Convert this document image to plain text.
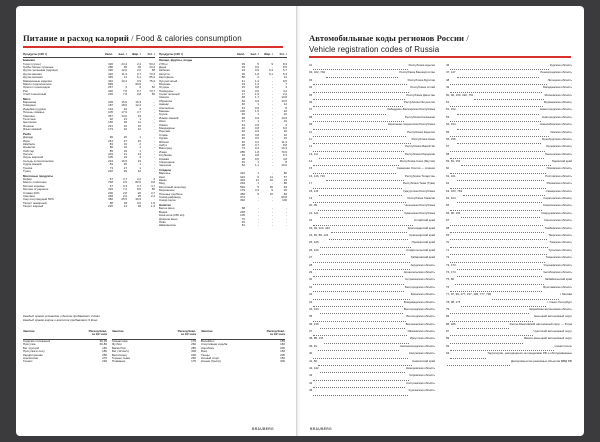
Питание и расход калорий / Food & calories consumption
Продукты (100 г)	Калл.	Бел. г	Жир. г	Угл. г
Бакалея
Горох (сухое)	326	23,4	2,4	53,2
Грибы белые сушеные	286	30	36	23,4
Крупа гречневая (ядрица)	330	12,6	2,6	68
Крупа манная	326	11,3	0,7	73,3
Крупа овсяная	345	11	6,1	65,4
Макаронные изделия	332	10,4	0,9	75,2
Масло подсолнечное	899	-	99,9	-
Орехи с шоколадом	267	4	6	52
Рис	330	7,6	0,7	73,7
Хлеб пшеничный	226	7,6	0,8	50
Мясо
Баранина	209	15,6	16,3	-
Говядина	187	18,9	12,4	-
Индейка (грудка)	134	22	3	-
Печень говяжья	105	17,9	3,7	-
Свинина	357	14,6	33	-
Телятина	92	21	1	-
Цыпленок	156	18	11	-
Ягненок	231	16	15	-
Язык говяжий	173	16	12	-
Рыба
Дорадо	90	20	1	-
Икра	261	27	15	-
Камбала	83	16	2	-
Креветки	86	16	1	-
Лобстер	89	19	1	-
Лосось	203	21	13	-
Окунь морской	105	19	3	-
Сельдь атлантическая	234	16,5	19	-
Судак свежий	84	20	1	-
Треска	73	17	1	-
Тунец	226	29	12	-
Молочные продукты
Кефир	67	3,7	3,2	4
Масло сливочное	748	0,5	82,5	0,8
Молоко коровье	67	3,3	3,7	4,7
Молоко сгущенное	315	7,2	8,5	56
Сливки 20%	206	2,8	20	3,7
Сметана	248	2,6	25	2,4
Сыр полутвердый 50%	382	25,5	30,9	-
Творог нежирный	88	18	0,6	1,5
Творог жирный	226	14	18	1,3
Продукты (100 г)	Калл.	Бел. г	Жир. г	Угл. г
Овощи, фрукты, ягоды
2,56 кг	39	5	9	8,3
Дыня	33	0,6	-	8,5
Кабачки	24	0,6	0,3	5,7
Капуста	30	1,8	0,1	5,4
Картофель	80	2	-	21
Лук репчатый	41	1,4	-	9,5
Морковь	33	1,3	-	7
Огурцы	15	0,8	-	3
Помидоры	19	0,6	-	4,2
Салат зеленый	17	1,5	-	2,2
Свекла	48	1,7	-	10,8
Абрикосы	52	0,9	-	10,5
Ананас	46	1	-	12
Апельсины	43	0,9	-	8
Бананы	100	1,5	-	22
Груша	46	1	-	10
Инжир свежий	68	0,9	-	13,9
Киви	47	1	-	10
Лимон	43	0,9	-	3
Мандарины	40	0,8	-	8,6
Персики	46	0,9	-	10
Слива	45	0,8	-	10
Хурма	62	0,5	-	15
Яблоки	46	0,4	-	11,3
Арбуз	38	0,7	-	8,8
Виноград	73	0,4	-	16,3
Изюм	285	1,8	-	70,9
Клубника	34	0,8	-	6,3
Клюква	28	0,5	-	4,8
Смородина	40	1	-	8
Черешня	52	1,1	-	10,6
Сладкое
Варенье	322	1	-	80
Кекс	324	6	11	57
Какао	403	21	22	23
Мед	294	1	-	80
Молочный шоколад	546	5	30	63
Мороженое	179	3,3	9	20
Печенье сдобное	456	9	10	82
Сахар-рафинад	374	-	-	99,8
Сахар песок	392	-	-	100
Напитки
Белое вино	68	-	-	-
Водка	248	-	-	-
Кока-кола (250 мл)	105	-	-	-
Красное вино	70	-	-	-
Пиво	45	-	-	-
Шампанское	81	-	-	-
Каждый грамм углеводов и белков прибавляет 4 Ккал.
Каждый грамм жиров и алкоголя прибавляет 9 Ккал.
Занятие	Расход Ккал. за 1/2 часа
Сидячие положения	30-35
Прогулка	60-80
Бег трусцой	160
Прогулка в лесу	180
Кардиотренинг	250
Альпинизм	270
Теннис	230
Занятие	Расход Ккал. за 1/2 часа
Гимнастика	175
Футбол	260
Баскетбол	280
Бег (10 км/ч)	300
Велосипед	200
Горные лыжи	260
Плавание	175
Занятие	Расход Ккал. за 1/2 часа
Волейбол	155
Спортивная ходьба	160
Аэробика	200
Бокс	150
Танцы	200
Конный спорт	150
Коньки (быстр)	300
BRAUBERG
Автомобильные коды регионов России /
Vehicle registration codes of Russia
01	Республика Адыгея
02, 102, 702	Республика Башкортостан
03	Республика Бурятия
04	Республика Алтай
05	Республика Дагестан
06	Республика Ингушетия
07	Кабардино-Балкарская Республика
08	Республика Калмыкия
09	Карачаево-Черкесская Республика
10	Республика Карелия
11	Республика Коми
12	Республика Марий Эл
13, 113	Республика Мордовия
14	Республика Саха (Якутия)
15	Северная Осетия — Алания
16, 116, 716	Республика Татарстан
17	Республика Тыва (Тува)
18, 118	Удмуртская Республика
19	Республика Хакасия
20, 95	Чеченская Республика
21, 121	Чувашская Республика
22	Алтайский край
23, 93, 123, 193	Краснодарский край
24, 84, 88, 124	Красноярский край
25, 125	Приморский край
26, 126	Ставропольский край
27	Хабаровский край
28	Амурская область
29	Архангельская область
30	Астраханская область
31	Белгородская область
32	Брянская область
33	Владимирская область
34, 134	Волгоградская область
35	Вологодская область
36, 136	Воронежская область
37	Ивановская область
38, 85, 138	Иркутская область
39, 91	Калининградская область
40	Калужская область
41, 82	Камчатский край
42, 142	Кемеровская область
43	Кировская область
44	Костромская область
45	Курганская область
46	Курская область
47, 147	Ленинградская область
48	Липецкая область
49	Магаданская область
50, 90, 150, 190, 750	Московская область
51	Мурманская область
52, 152	Нижегородская область
53	Новгородская область
54, 154	Новосибирская область
55	Омская область
56, 156	Оренбургская область
57	Орловская область
58	Пензенская область
59, 81, 159	Пермский край
60	Псковская область
61, 161	Ростовская область
62	Рязанская область
63, 163, 763	Самарская область
64, 164	Саратовская область
65	Сахалинская область
66, 96, 196	Свердловская область
67	Смоленская область
68	Тамбовская область
69	Тверская область
70	Томская область
71	Тульская область
72	Тюменская область
73, 173	Ульяновская область
74, 174	Челябинская область
75, 80	Забайкальский край
76	Ярославская область
77, 97, 99, 177, 197, 199, 777, 799	г. Москва
78, 98, 178	г. Санкт-Петербург
79	Еврейская автономная область
83	Ненецкий автономный округ
86, 186	Ханты-Мансийский автономный округ — Югра
87	Чукотский автономный округ
89	Ямало-Ненецкий автономный округ
92	Севастополь
94	Территории, находящиеся за пределами РФ и обслуживаемые
Департаментом режимных объектов МВД РФ
BRAUBERG
